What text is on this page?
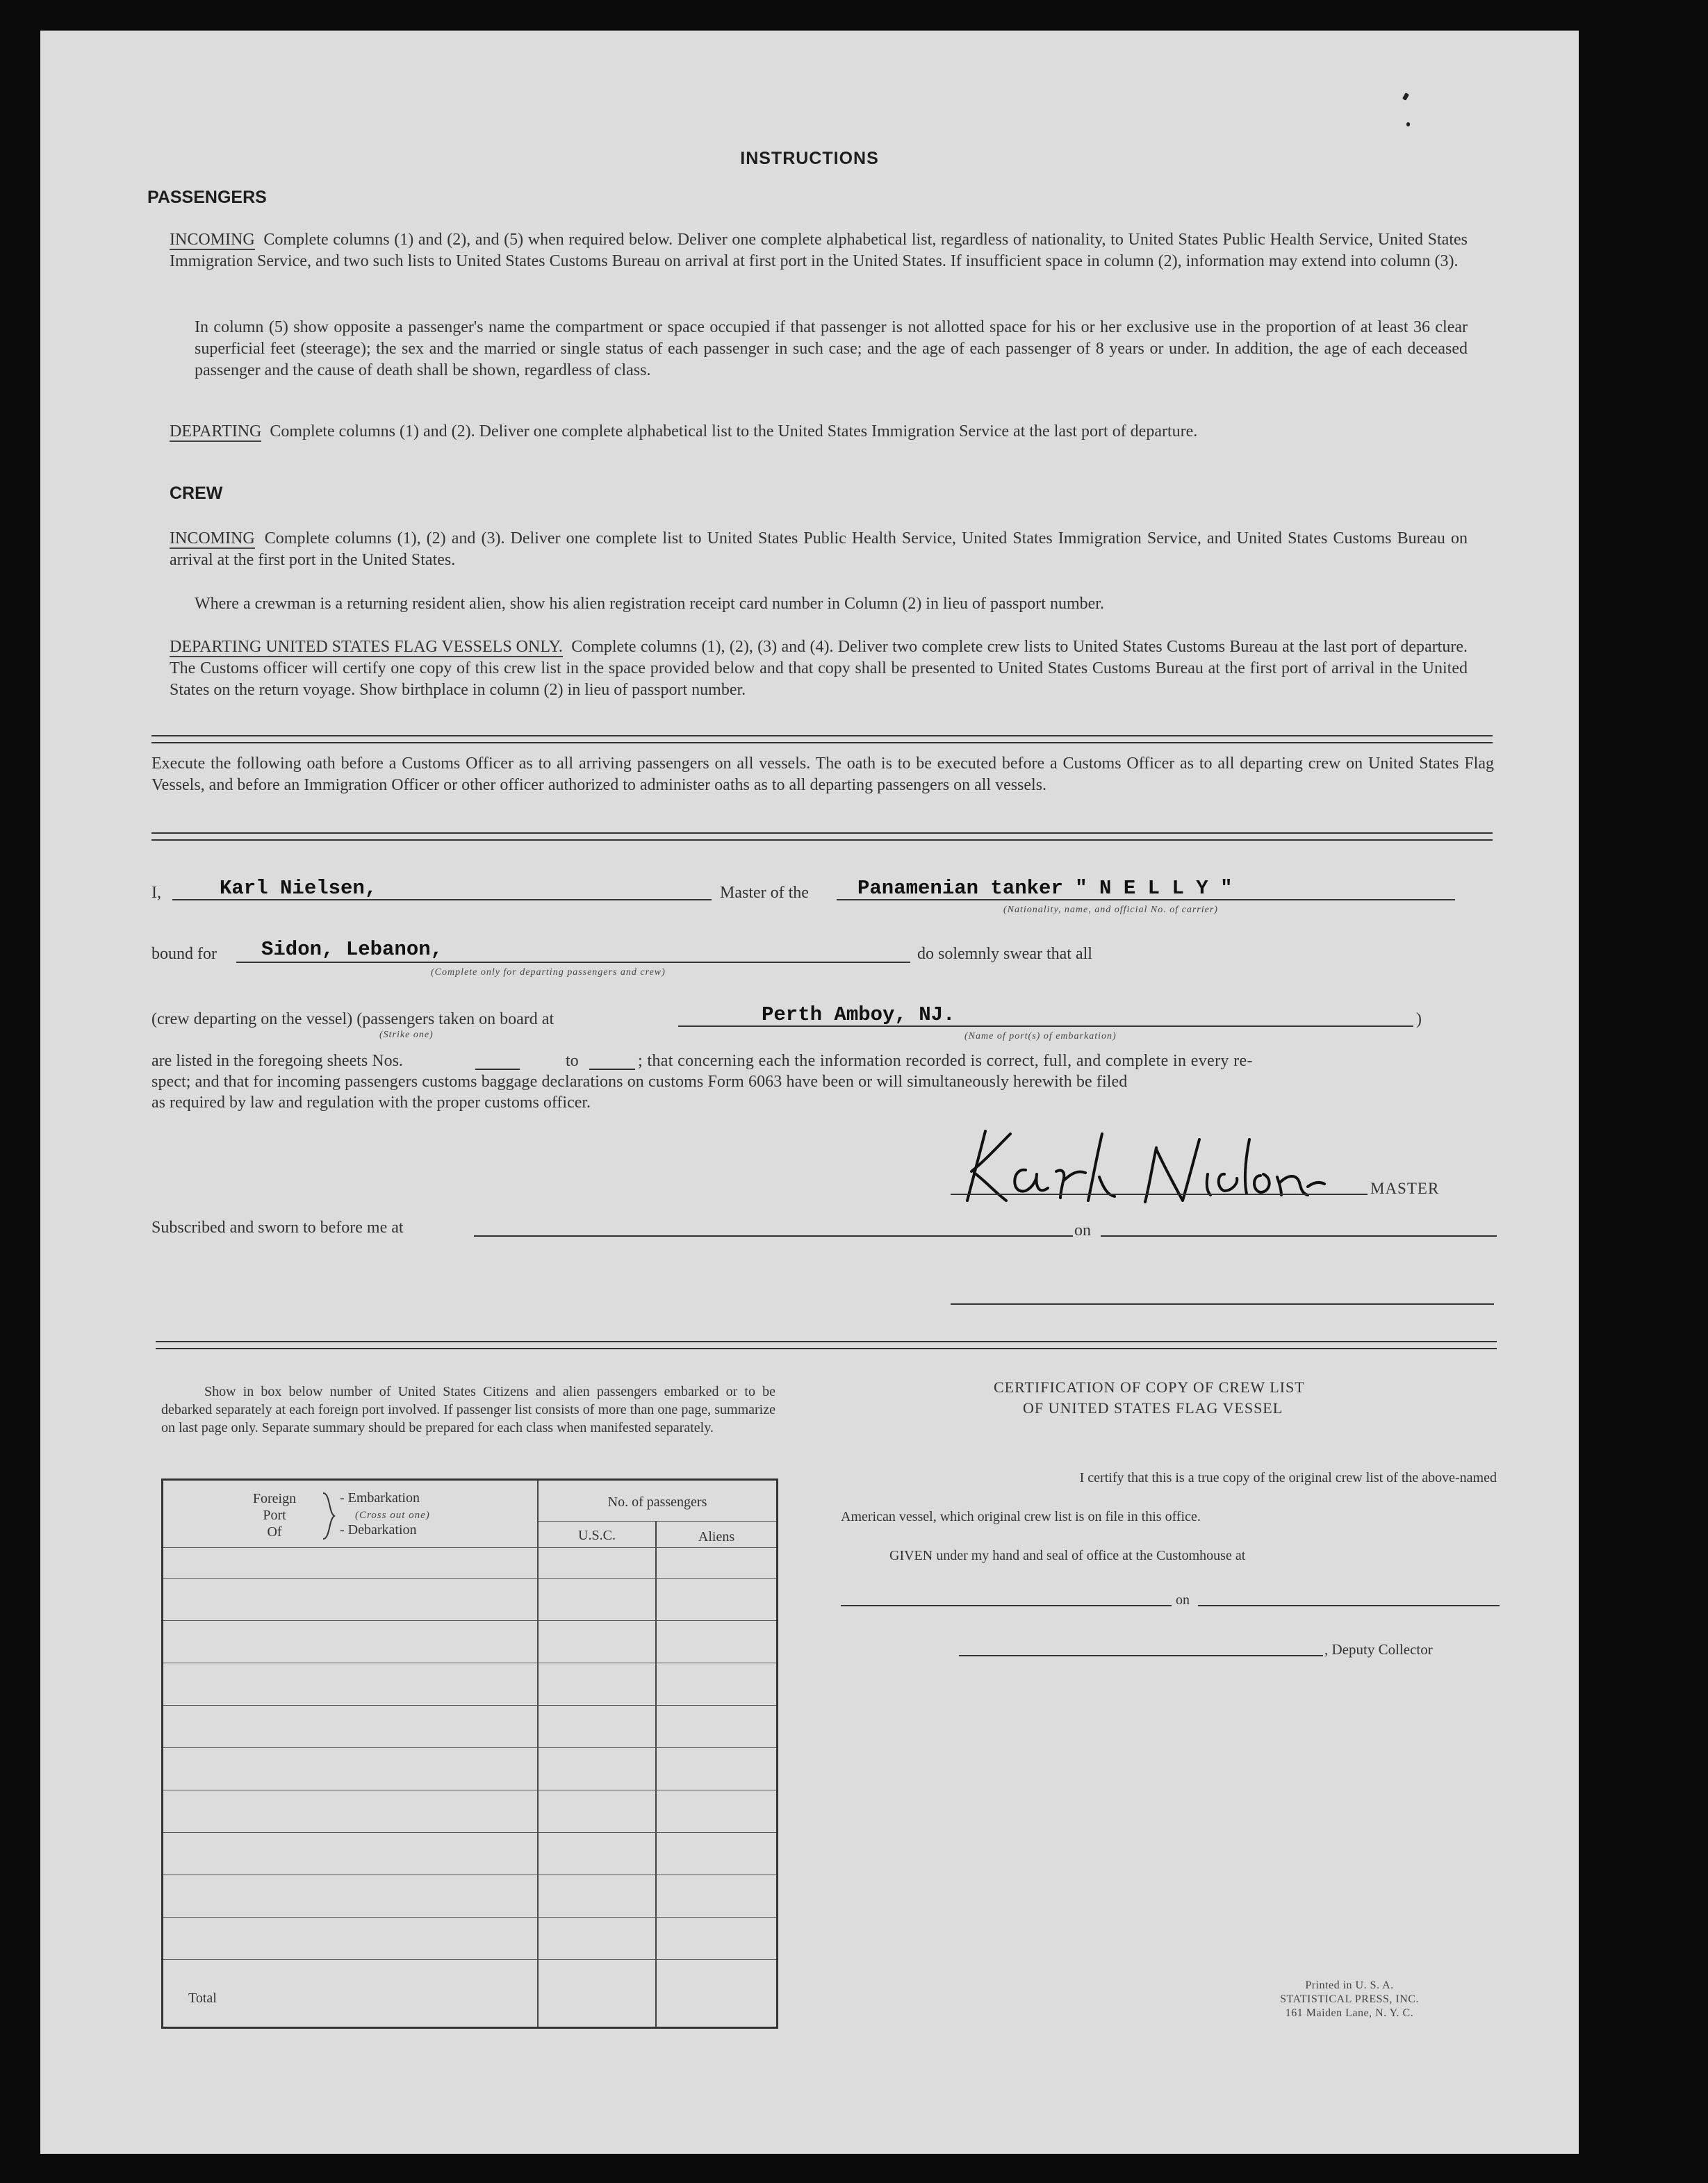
INSTRUCTIONS
PASSENGERS
INCOMING Complete columns (1) and (2), and (5) when required below. Deliver one complete alphabetical list, regardless of nationality, to United States Public Health Service, United States Immigration Service, and two such lists to United States Customs Bureau on arrival at first port in the United States. If insufficient space in column (2), information may extend into column (3).
In column (5) show opposite a passenger's name the compartment or space occupied if that passenger is not allotted space for his or her exclusive use in the proportion of at least 36 clear superficial feet (steerage); the sex and the married or single status of each passenger in such case; and the age of each passenger of 8 years or under. In addition, the age of each deceased passenger and the cause of death shall be shown, regardless of class.
DEPARTING Complete columns (1) and (2). Deliver one complete alphabetical list to the United States Immigration Service at the last port of departure.
CREW
INCOMING Complete columns (1), (2) and (3). Deliver one complete list to United States Public Health Service, United States Immigration Service, and United States Customs Bureau on arrival at the first port in the United States.
Where a crewman is a returning resident alien, show his alien registration receipt card number in Column (2) in lieu of passport number.
DEPARTING UNITED STATES FLAG VESSELS ONLY. Complete columns (1), (2), (3) and (4). Deliver two complete crew lists to United States Customs Bureau at the last port of departure. The Customs officer will certify one copy of this crew list in the space provided below and that copy shall be presented to United States Customs Bureau at the first port of arrival in the United States on the return voyage. Show birthplace in column (2) in lieu of passport number.
Execute the following oath before a Customs Officer as to all arriving passengers on all vessels. The oath is to be executed before a Customs Officer as to all departing crew on United States Flag Vessels, and before an Immigration Officer or other officer authorized to administer oaths as to all departing passengers on all vessels.
I,	Karl Nielsen,	Master of the Panamenian tanker " N E L L Y "
(Nationality, name, and official No. of carrier)
bound for Sidon, Lebanon,
(Complete only for departing passengers and crew)
do solemnly swear that all
(crew departing on the vessel) (passengers taken on board at
(Strike one)
Perth Amboy, NJ.
(Name of port(s) of embarkation)
)
are listed in the foregoing sheets Nos.	to	; that concerning each the information recorded is correct, full, and complete in every re-
spect; and that for incoming passengers customs baggage declarations on customs Form 6063 have been or will simultaneously herewith be filed
as required by law and regulation with the proper customs officer.
MASTER
Subscribed and sworn to before me at	on
Show in box below number of United States Citizens and alien passengers embarked or to be debarked separately at each foreign port involved. If passenger list consists of more than one page, summarize on last page only. Separate summary should be prepared for each class when manifested separately.
Foreign
Port
Of
- Embarkation
(Cross out one)
- Debarkation
No. of passengers
U.S.C.	Aliens
Total
CERTIFICATION OF COPY OF CREW LIST
OF UNITED STATES FLAG VESSEL
I certify that this is a true copy of the original crew list of the above-named
American vessel, which original crew list is on file in this office.
GIVEN under my hand and seal of office at the Customhouse at
on
, Deputy Collector
Printed in U. S. A.
STATISTICAL PRESS, INC.
161 Maiden Lane, N. Y. C.
